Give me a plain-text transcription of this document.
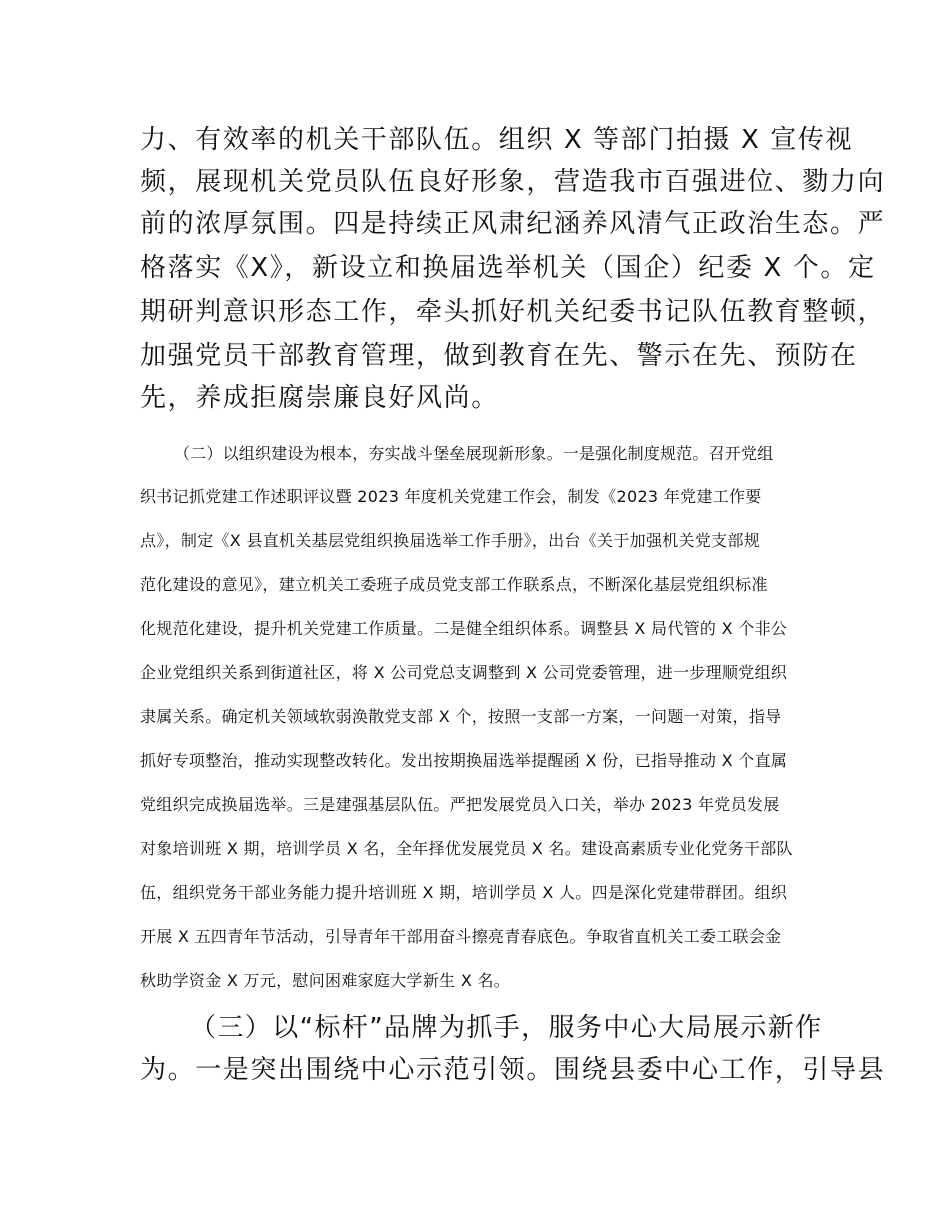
力、有效率的机关干部队伍。组织 X 等部门拍摄 X 宣传视
频，展现机关党员队伍良好形象，营造我市百强进位、勠力向
前的浓厚氛围。四是持续正风肃纪涵养风清气正政治生态。严
格落实《X》，新设立和换届选举机关（国企）纪委 X 个。定
期研判意识形态工作，牵头抓好机关纪委书记队伍教育整顿，
加强党员干部教育管理，做到教育在先、警示在先、预防在
先，养成拒腐崇廉良好风尚。
（二）以组织建设为根本，夯实战斗堡垒展现新形象。一是强化制度规范。召开党组
织书记抓党建工作述职评议暨 2023 年度机关党建工作会，制发《2023 年党建工作要
点》，制定《X 县直机关基层党组织换届选举工作手册》，出台《关于加强机关党支部规
范化建设的意见》，建立机关工委班子成员党支部工作联系点，不断深化基层党组织标准
化规范化建设，提升机关党建工作质量。二是健全组织体系。调整县 X 局代管的 X 个非公
企业党组织关系到街道社区，将 X 公司党总支调整到 X 公司党委管理，进一步理顺党组织
隶属关系。确定机关领域软弱涣散党支部 X 个，按照一支部一方案，一问题一对策，指导
抓好专项整治，推动实现整改转化。发出按期换届选举提醒函 X 份，已指导推动 X 个直属
党组织完成换届选举。三是建强基层队伍。严把发展党员入口关，举办 2023 年党员发展
对象培训班 X 期，培训学员 X 名，全年择优发展党员 X 名。建设高素质专业化党务干部队
伍，组织党务干部业务能力提升培训班 X 期，培训学员 X 人。四是深化党建带群团。组织
开展 X 五四青年节活动，引导青年干部用奋斗擦亮青春底色。争取省直机关工委工联会金
秋助学资金 X 万元，慰问困难家庭大学新生 X 名。
（三）以“标杆”品牌为抓手，服务中心大局展示新作
为。一是突出围绕中心示范引领。围绕县委中心工作，引导县
